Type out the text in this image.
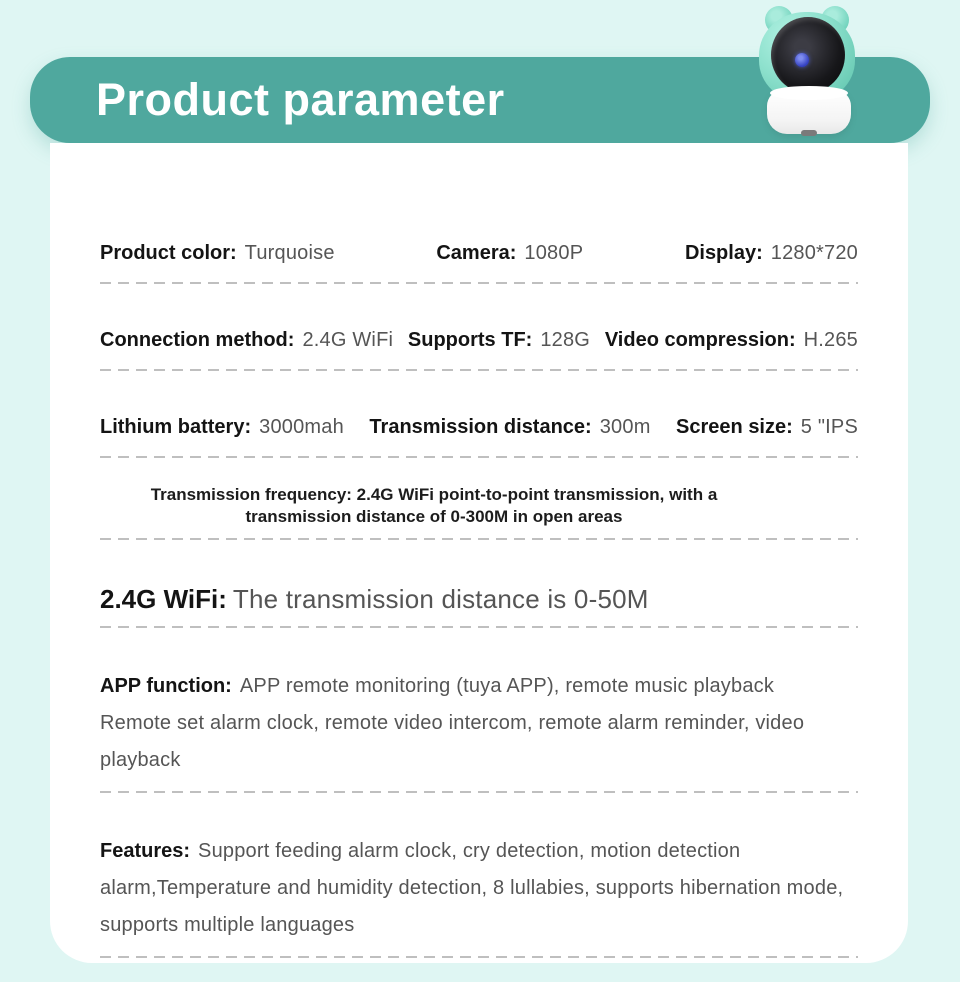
Product parameter
Product color: Turquoise	Camera: 1080P	Display: 1280*720
Connection method: 2.4G WiFi Supports TF: 128G Video compression: H.265
Lithium battery: 3000mah Transmission distance: 300m Screen size: 5 "IPS

Transmission frequency: 2.4G WiFi point-to-point transmission, with a transmission distance of 0-300M in open areas

2.4G WiFi: The transmission distance is 0-50M
APP function: APP remote monitoring (tuya APP), remote music playback
Remote set alarm clock, remote video intercom, remote alarm reminder, video playback
Features: Support feeding alarm clock, cry detection, motion detection alarm,Temperature and humidity detection, 8 lullabies, supports hibernation mode, supports multiple languages
